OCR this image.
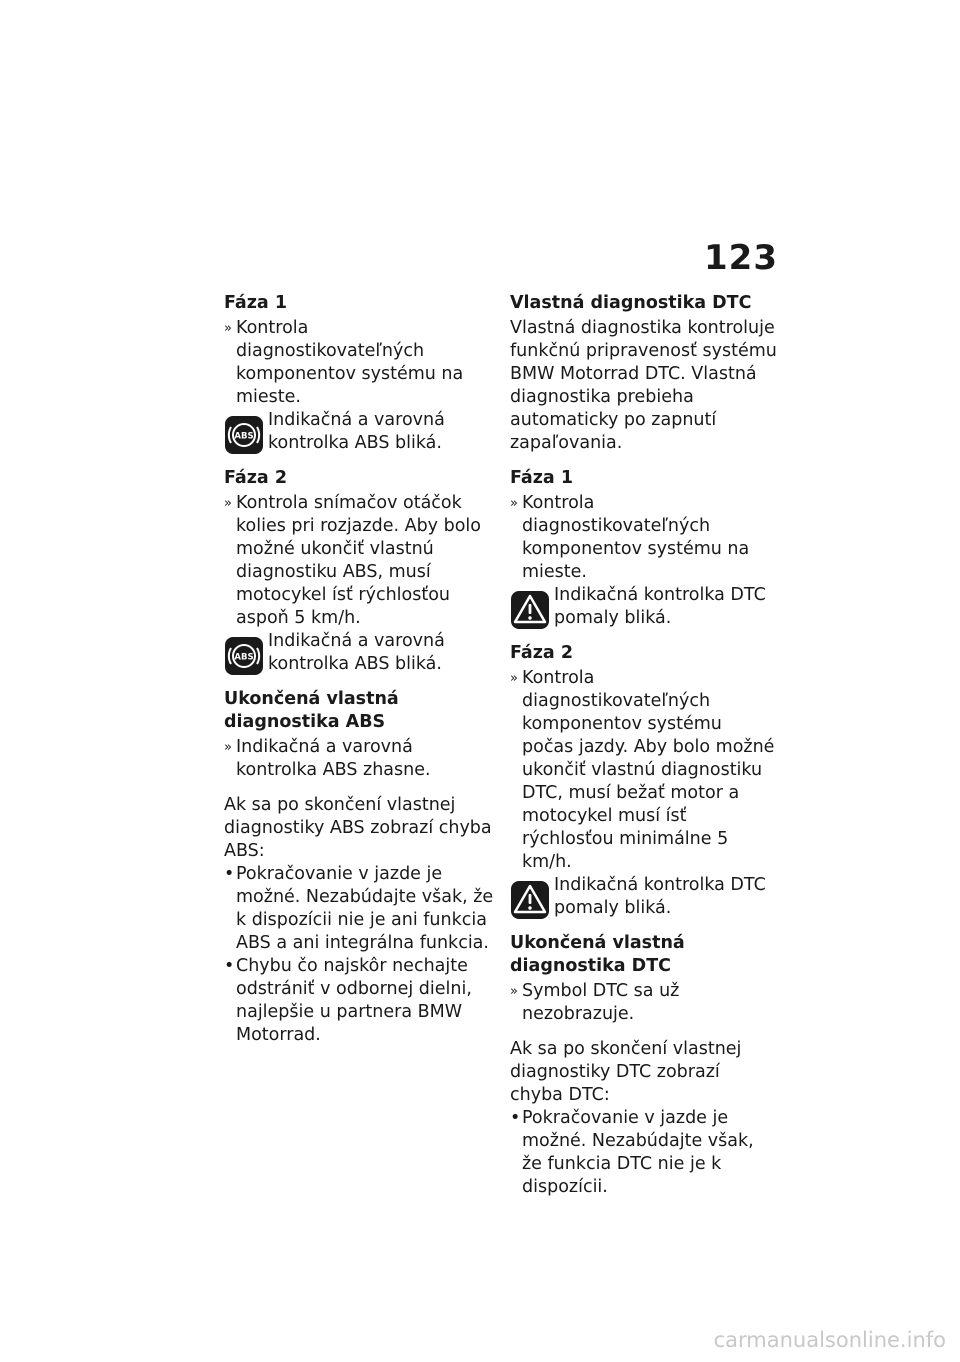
123
Fáza 1
» Kontrola diagnostikovateľných komponentov systému na mieste.
ABS
Indikačná a varovná kontrolka ABS bliká.
Fáza 2
» Kontrola snímačov otáčok kolies pri rozjazde. Aby bolo možné ukončiť vlastnú diagnostiku ABS, musí motocykel ísť rýchlosťou aspoň 5 km/h.
ABS
Indikačná a varovná kontrolka ABS bliká.
Ukončená vlastná diagnostika ABS
» Indikačná a varovná kontrolka ABS zhasne.

Ak sa po skončení vlastnej diagnostiky ABS zobrazí chyba ABS:

• Pokračovanie v jazde je možné. Nezabúdajte však, že k dispozícii nie je ani funkcia ABS a ani integrálna funkcia.
• Chybu čo najskôr nechajte odstrániť v odbornej dielni, najlepšie u partnera BMW Motorrad.
Vlastná diagnostika DTC

Vlastná diagnostika kontroluje funkčnú pripravenosť systému BMW Motorrad DTC. Vlastná diagnostika prebieha automaticky po zapnutí zapaľovania.

Fáza 1
» Kontrola diagnostikovateľných komponentov systému na mieste.
Indikačná kontrolka DTC pomaly bliká.
Fáza 2
» Kontrola diagnostikovateľných komponentov systému počas jazdy. Aby bolo možné ukončiť vlastnú diagnostiku DTC, musí bežať motor a motocykel musí ísť rýchlosťou minimálne 5 km/h.
Indikačná kontrolka DTC pomaly bliká.
Ukončená vlastná diagnostika DTC
» Symbol DTC sa už nezobrazuje.

Ak sa po skončení vlastnej diagnostiky DTC zobrazí chyba DTC:

• Pokračovanie v jazde je možné. Nezabúdajte však, že funkcia DTC nie je k dispozícii.
carmanualsonline.info
